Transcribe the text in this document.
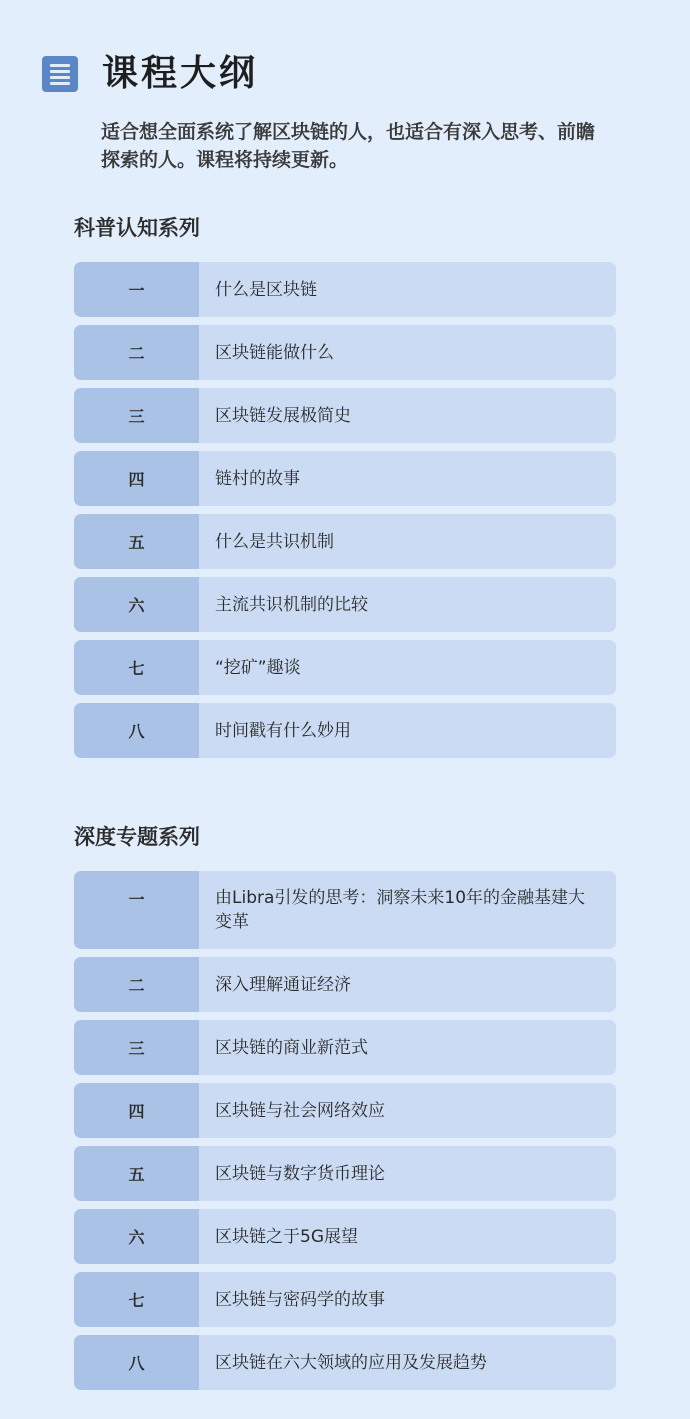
课程大纲
适合想全面系统了解区块链的人，也适合有深入思考、前瞻探索的人。课程将持续更新。
科普认知系列
一	什么是区块链
二	区块链能做什么
三	区块链发展极简史
四	链村的故事
五	什么是共识机制
六	主流共识机制的比较
七	“挖矿”趣谈
八	时间戳有什么妙用
深度专题系列
一	由Libra引发的思考：洞察未来10年的金融基建大变革
二	深入理解通证经济
三	区块链的商业新范式
四	区块链与社会网络效应
五	区块链与数字货币理论
六	区块链之于5G展望
七	区块链与密码学的故事
八	区块链在六大领域的应用及发展趋势
